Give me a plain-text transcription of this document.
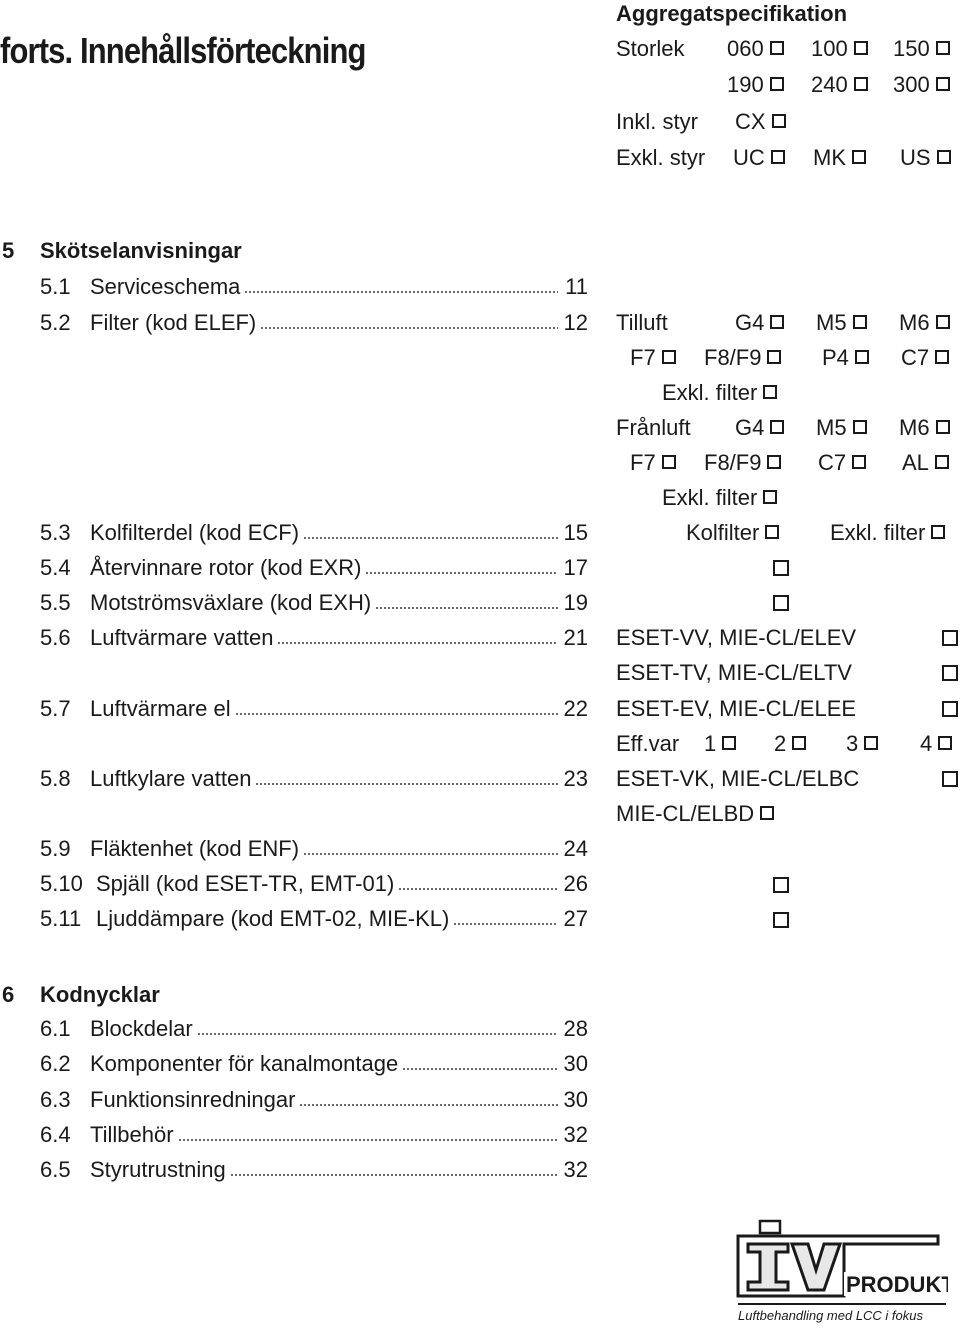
forts. Innehållsförteckning
Aggregatspecifikation
Storlek 060	100	150
190	240	300
Inkl. styr CX
Exkl. styr UC	MK	US
5 Skötselanvisningar
5.1 Serviceschema	11
5.2 Filter (kod ELEF)	12
5.3 Kolfilterdel (kod ECF)	15
5.4 Återvinnare rotor (kod EXR)	17
5.5 Motströmsväxlare (kod EXH)	19
5.6 Luftvärmare vatten	21
5.7 Luftvärmare el	22
5.8 Luftkylare vatten	23
5.9 Fläktenhet (kod ENF)	24
5.10 Spjäll (kod ESET-TR, EMT-01)	26
5.11 Ljuddämpare (kod EMT-02, MIE-KL)	27
6 Kodnycklar
6.1 Blockdelar	28
6.2 Komponenter för kanalmontage	30
6.3 Funktionsinredningar	30
6.4 Tillbehör	32
6.5 Styrutrustning	32
Tilluft	G4	M5	M6
F7	F8/F9	P4	C7
Exkl. filter
Frånluft G4	M5	M6
F7	F8/F9	C7	AL
Exkl. filter
Kolfilter	Exkl. filter
ESET-VV, MIE-CL/ELEV
ESET-TV, MIE-CL/ELTV
ESET-EV, MIE-CL/ELEE
Eff.var 1	2	3	4
ESET-VK, MIE-CL/ELBC
MIE-CL/ELBD
PRODUKT
Luftbehandling med LCC i fokus
